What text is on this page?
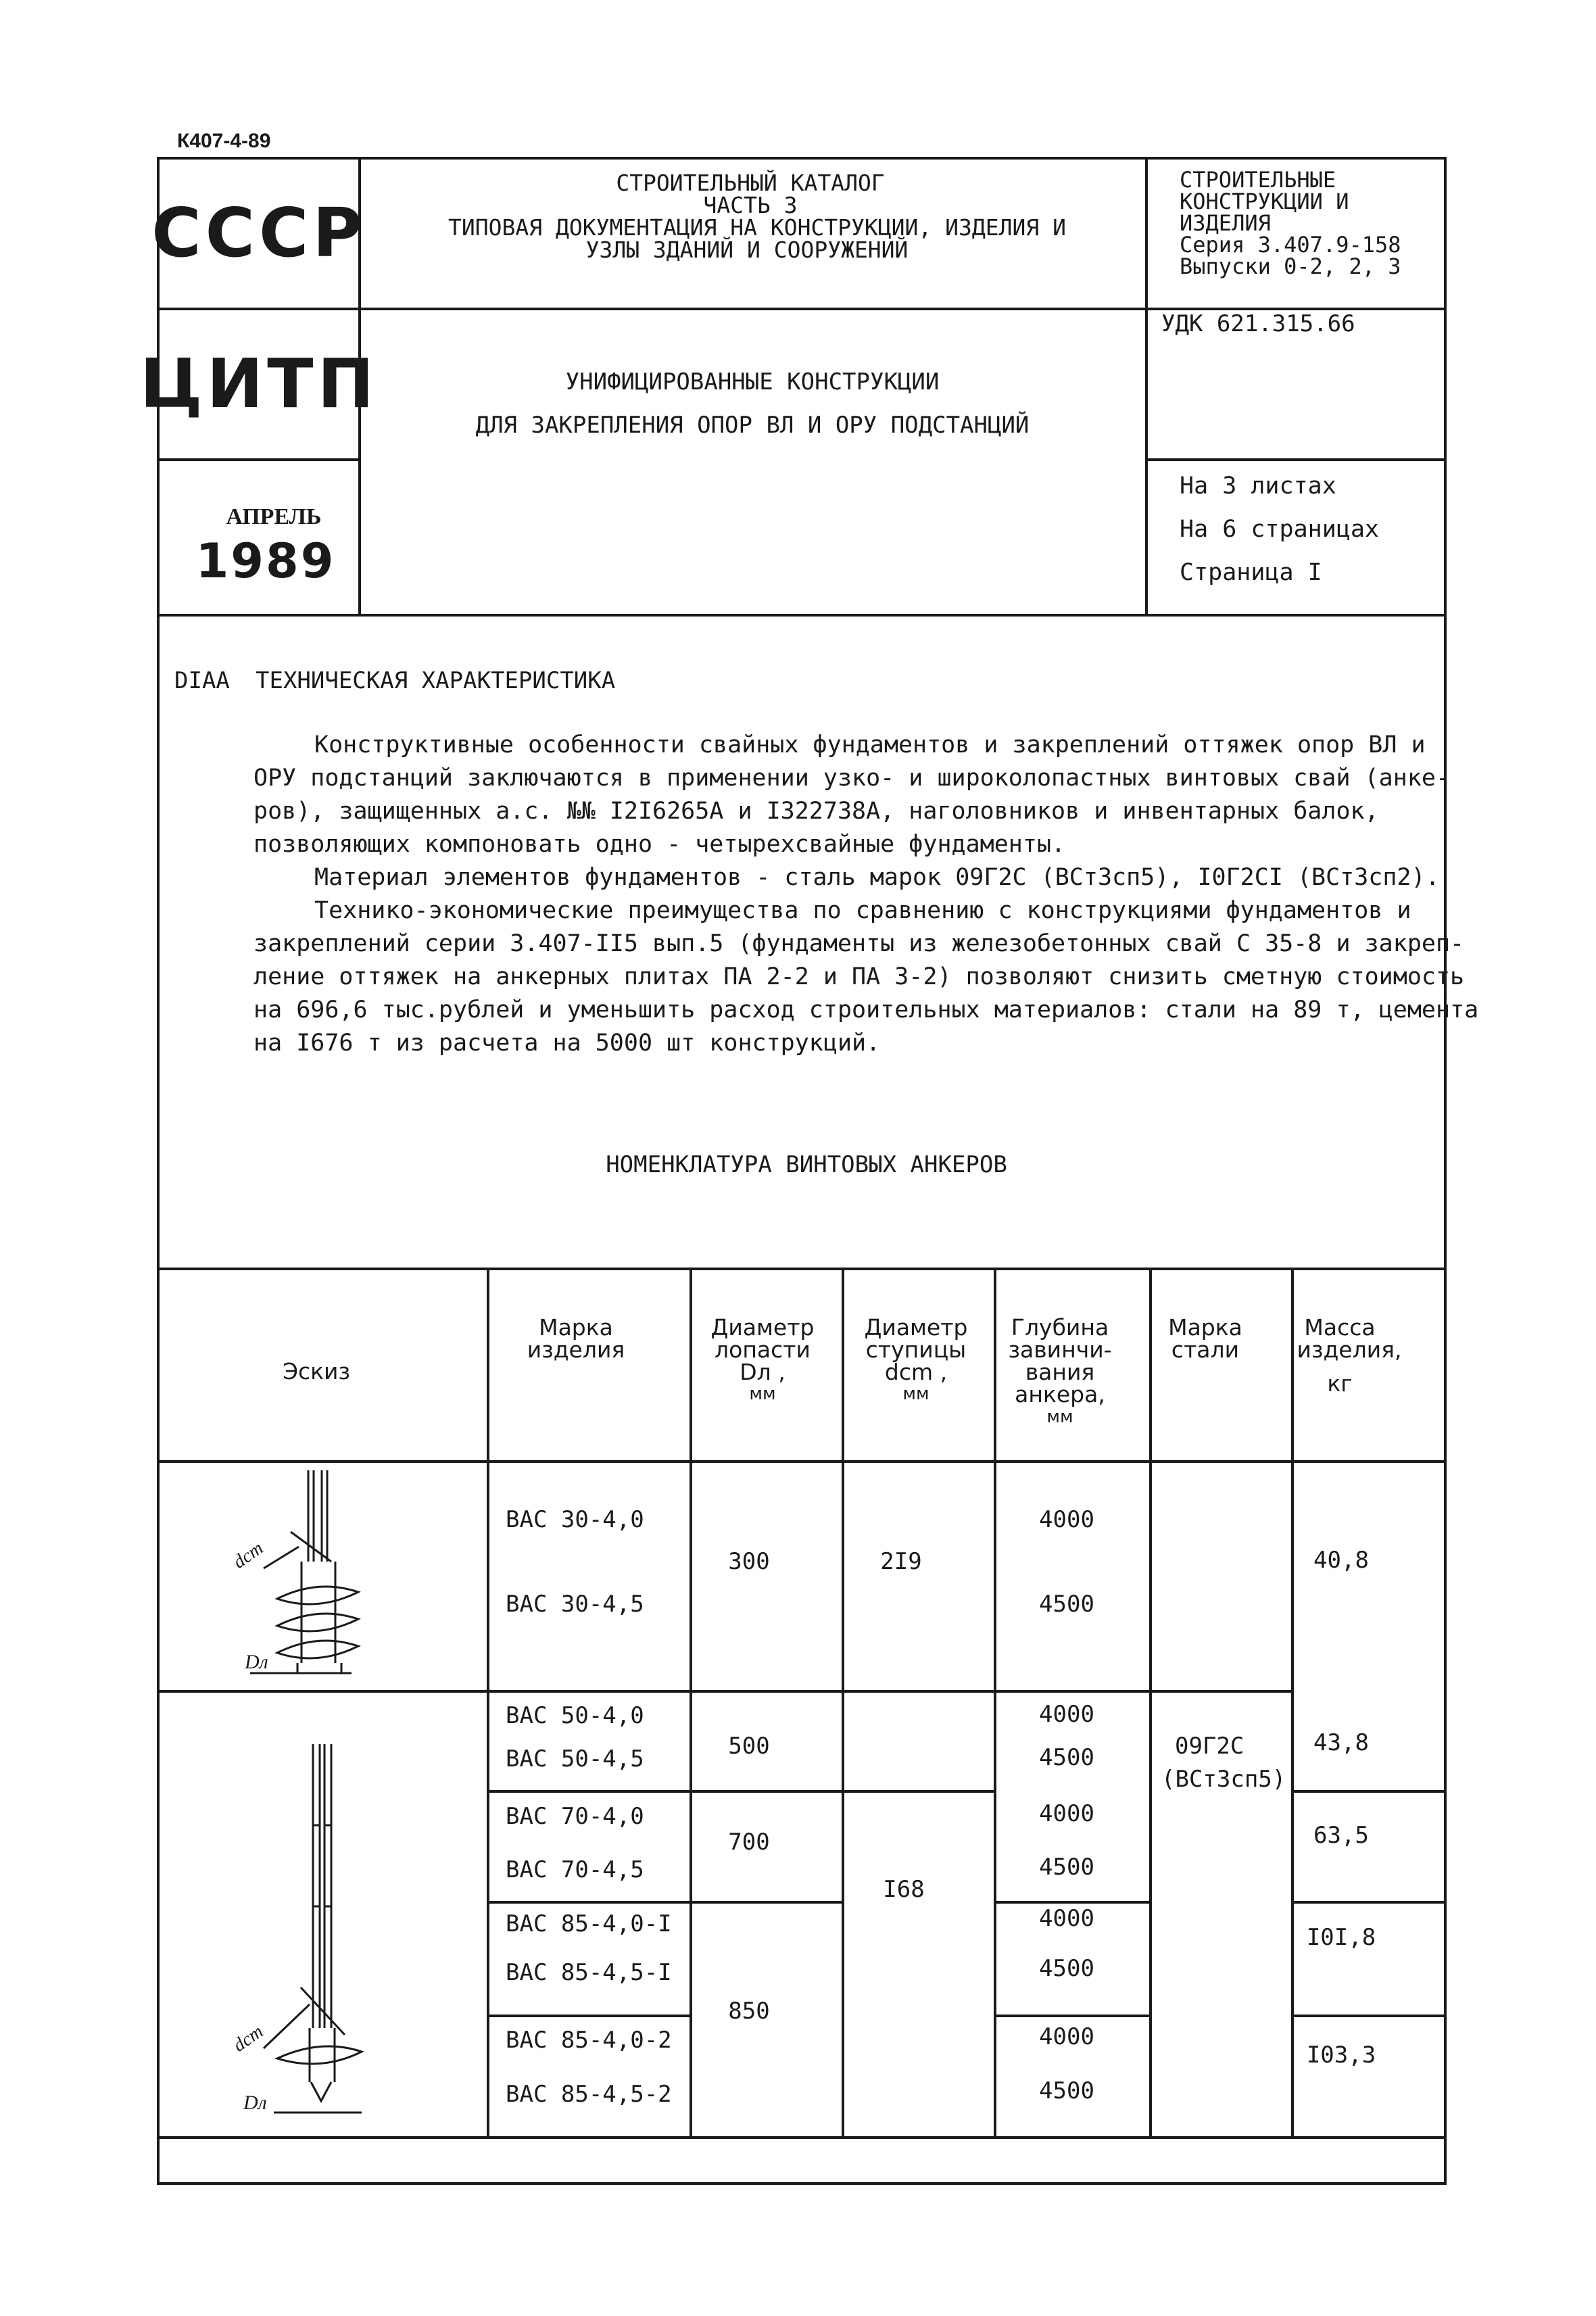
К407-4-89
СССР
ЦИТП
АПРЕЛЬ
1989
СТРОИТЕЛЬНЫЙ КАТАЛОГ
ЧАСТЬ 3
ТИПОВАЯ ДОКУМЕНТАЦИЯ НА КОНСТРУКЦИИ, ИЗДЕЛИЯ И
УЗЛЫ ЗДАНИЙ И СООРУЖЕНИЙ
УНИФИЦИРОВАННЫЕ КОНСТРУКЦИИ
ДЛЯ ЗАКРЕПЛЕНИЯ ОПОР ВЛ И ОРУ ПОДСТАНЦИЙ
СТРОИТЕЛЬНЫЕ
КОНСТРУКЦИИ И
ИЗДЕЛИЯ
Серия 3.407.9-158
Выпуски 0-2, 2, 3
УДК 621.315.66
На 3 листах
На 6 страницах
Страница I
DIAA ТЕХНИЧЕСКАЯ ХАРАКТЕРИСТИКА
Конструктивные особенности свайных фундаментов и закреплений оттяжек опор ВЛ и
ОРУ подстанций заключаются в применении узко- и широколопастных винтовых свай (анке-
ров), защищенных а.с. №№ I2I6265А и I322738А, наголовников и инвентарных балок,
позволяющих компоновать одно - четырехсвайные фундаменты.
Материал элементов фундаментов - сталь марок 09Г2С (ВСтЗсп5), I0Г2СI (ВСтЗсп2).
Технико-экономические преимущества по сравнению с конструкциями фундаментов и
закреплений серии 3.407-II5 вып.5 (фундаменты из железобетонных свай С 35-8 и закреп-
ление оттяжек на анкерных плитах ПА 2-2 и ПА 3-2) позволяют снизить сметную стоимость
на 696,6 тыс.рублей и уменьшить расход строительных материалов: стали на 89 т, цемента
на I676 т из расчета на 5000 шт конструкций.
НОМЕНКЛАТУРА ВИНТОВЫХ АНКЕРОВ
Эскиз
Марка
изделия
Диаметр
лопасти
Dл ,
мм
Диаметр
ступицы
dcm ,
мм
Глубина
завинчи-
вания
анкера,
мм
Марка
стали
Масса
изделия,
кг
ВАС 30-4,0
ВАС 30-4,5
ВАС 50-4,0
ВАС 50-4,5
ВАС 70-4,0
ВАС 70-4,5
ВАС 85-4,0-I
ВАС 85-4,5-I
ВАС 85-4,0-2
ВАС 85-4,5-2
4000
4500
4000
4500
4000
4500
4000
4500
4000
4500
300
500
700
850
2I9
I68
09Г2С
(ВСтЗсп5)
40,8
43,8
63,5
I0I,8
I03,3
dcm
Dл
dcm
Dл
